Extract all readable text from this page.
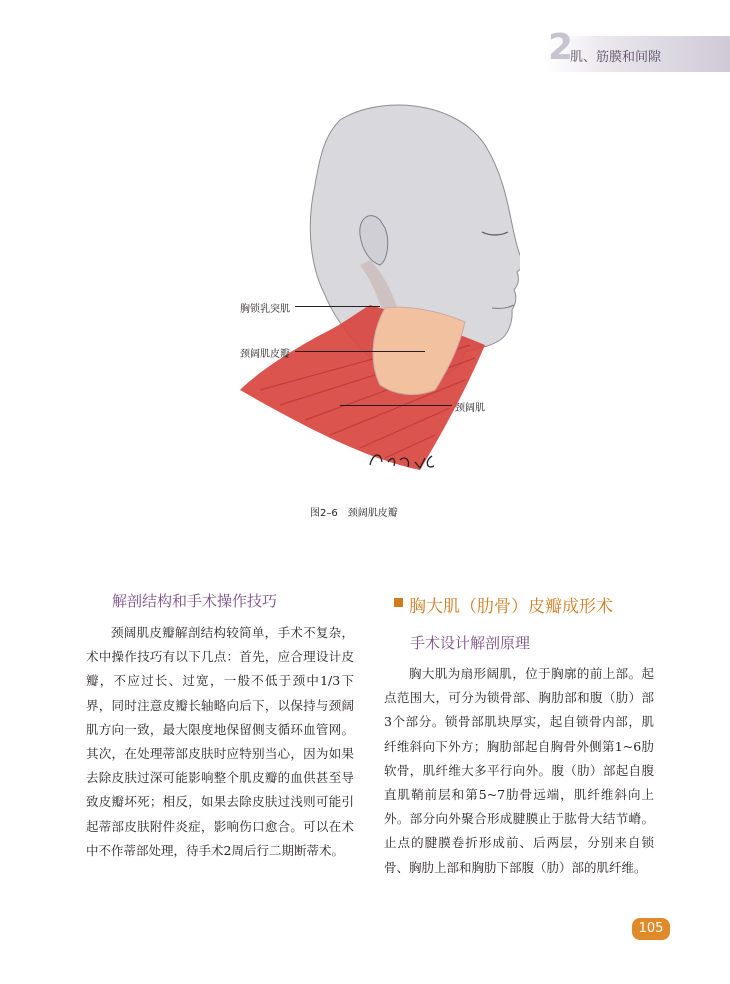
2
肌、筋膜和间隙
胸锁乳突肌
颈阔肌皮瓣
颈阔肌
图2–6　颈阔肌皮瓣
解剖结构和手术操作技巧

颈阔肌皮瓣解剖结构较简单，手术不复杂，术中操作技巧有以下几点：首先，应合理设计皮瓣，不应过长、过宽，一般不低于颈中1/3下界，同时注意皮瓣长轴略向后下，以保持与颈阔肌方向一致，最大限度地保留侧支循环血管网。其次，在处理蒂部皮肤时应特别当心，因为如果去除皮肤过深可能影响整个肌皮瓣的血供甚至导致皮瓣坏死；相反，如果去除皮肤过浅则可能引起蒂部皮肤附件炎症，影响伤口愈合。可以在术中不作蒂部处理，待手术2周后行二期断蒂术。

胸大肌（肋骨）皮瓣成形术
手术设计解剖原理

胸大肌为扇形阔肌，位于胸廓的前上部。起点范围大，可分为锁骨部、胸肋部和腹（肋）部3个部分。锁骨部肌块厚实，起自锁骨内部，肌纤维斜向下外方；胸肋部起自胸骨外侧第1~6肋软骨，肌纤维大多平行向外。腹（肋）部起自腹直肌鞘前层和第5~7肋骨远端，肌纤维斜向上外。部分向外聚合形成腱膜止于肱骨大结节嵴。止点的腱膜卷折形成前、后两层，分别来自锁骨、胸肋上部和胸肋下部腹（肋）部的肌纤维。

105
